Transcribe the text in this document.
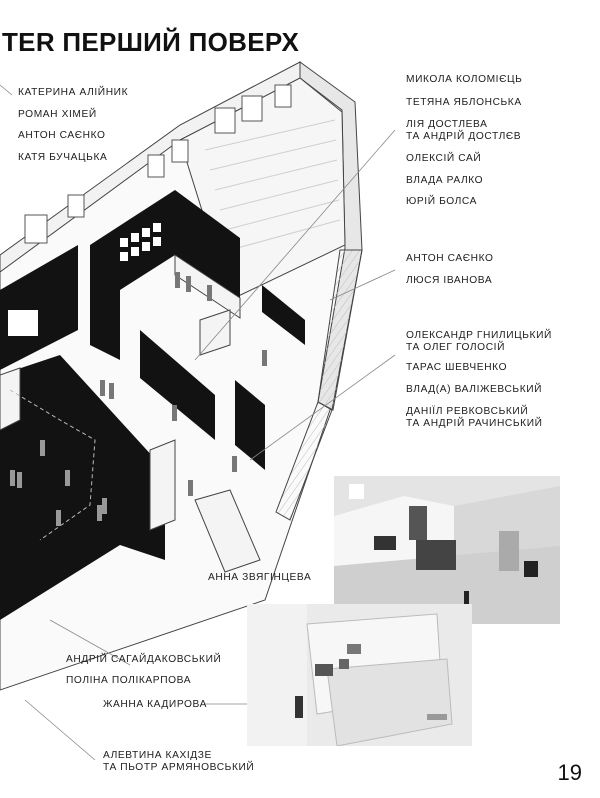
TER ПЕРШИЙ ПОВЕРХ
КАТЕРИНА АЛІЙНИК
РОМАН ХІМЕЙ
АНТОН САЄНКО
КАТЯ БУЧАЦЬКА
МИКОЛА КОЛОМІЄЦЬ
ТЕТЯНА ЯБЛОНСЬКА
ЛІЯ ДОСТЛЕВА
ТА АНДРІЙ ДОСТЛЄВ
ОЛЕКСІЙ САЙ
ВЛАДА РАЛКО
ЮРІЙ БОЛСА
АНТОН САЄНКО
ЛЮСЯ ІВАНОВА
ОЛЕКСАНДР ГНИЛИЦЬКИЙ
ТА ОЛЕГ ГОЛОСІЙ
ТАРАС ШЕВЧЕНКО
ВЛАД(А) ВАЛІЖЕВСЬКИЙ
ДАНІЇЛ РЕВКОВСЬКИЙ
ТА АНДРІЙ РАЧИНСЬКИЙ
АННА ЗВЯГІНЦЕВА
АНДРІЙ САГАЙДАКОВСЬКИЙ
ПОЛІНА ПОЛІКАРПОВА
ЖАННА КАДИРОВА
АЛЕВТИНА КАХІДЗЕ
ТА ПЬОТР АРМЯНОВСЬКИЙ	19
